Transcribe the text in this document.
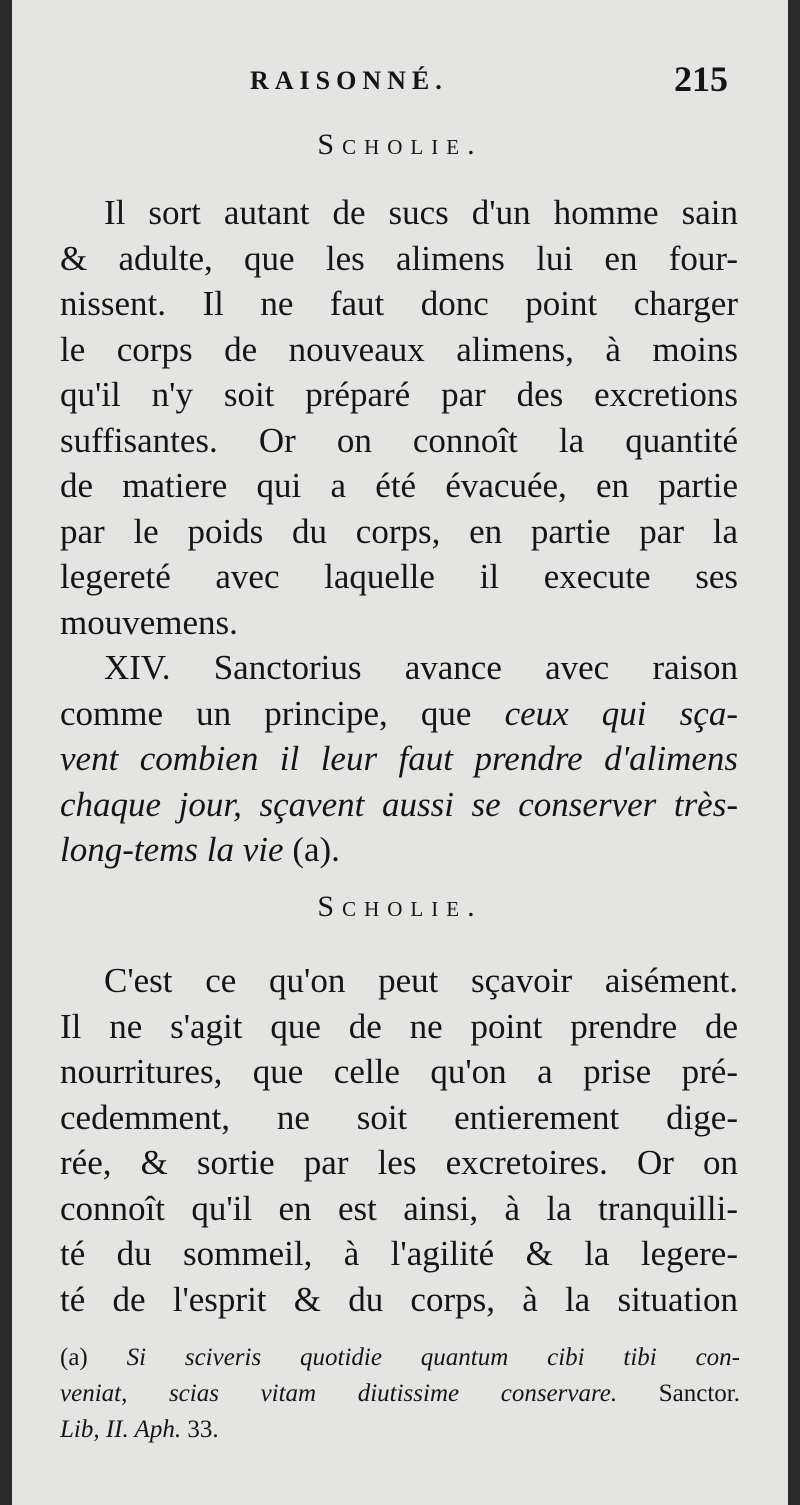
RAISONNÉ.	215
Scholie.
Il sort autant de sucs d'un homme sain
& adulte, que les alimens lui en four-
nissent. Il ne faut donc point charger
le corps de nouveaux alimens, à moins
qu'il n'y soit préparé par des excretions
suffisantes. Or on connoît la quantité
de matiere qui a été évacuée, en partie
par le poids du corps, en partie par la
legereté avec laquelle il execute ses
mouvemens.
XIV. Sanctorius avance avec raison
comme un principe, que ceux qui sça-
vent combien il leur faut prendre d'alimens
chaque jour, sçavent aussi se conserver très-
long-tems la vie (a).
Scholie.
C'est ce qu'on peut sçavoir aisément.
Il ne s'agit que de ne point prendre de
nourritures, que celle qu'on a prise pré-
cedemment, ne soit entierement dige-
rée, & sortie par les excretoires. Or on
connoît qu'il en est ainsi, à la tranquilli-
té du sommeil, à l'agilité & la legere-
té de l'esprit & du corps, à la situation
(a) Si sciveris quotidie quantum cibi tibi con-
veniat, scias vitam diutissime conservare. Sanctor.
Lib, II. Aph. 33.
